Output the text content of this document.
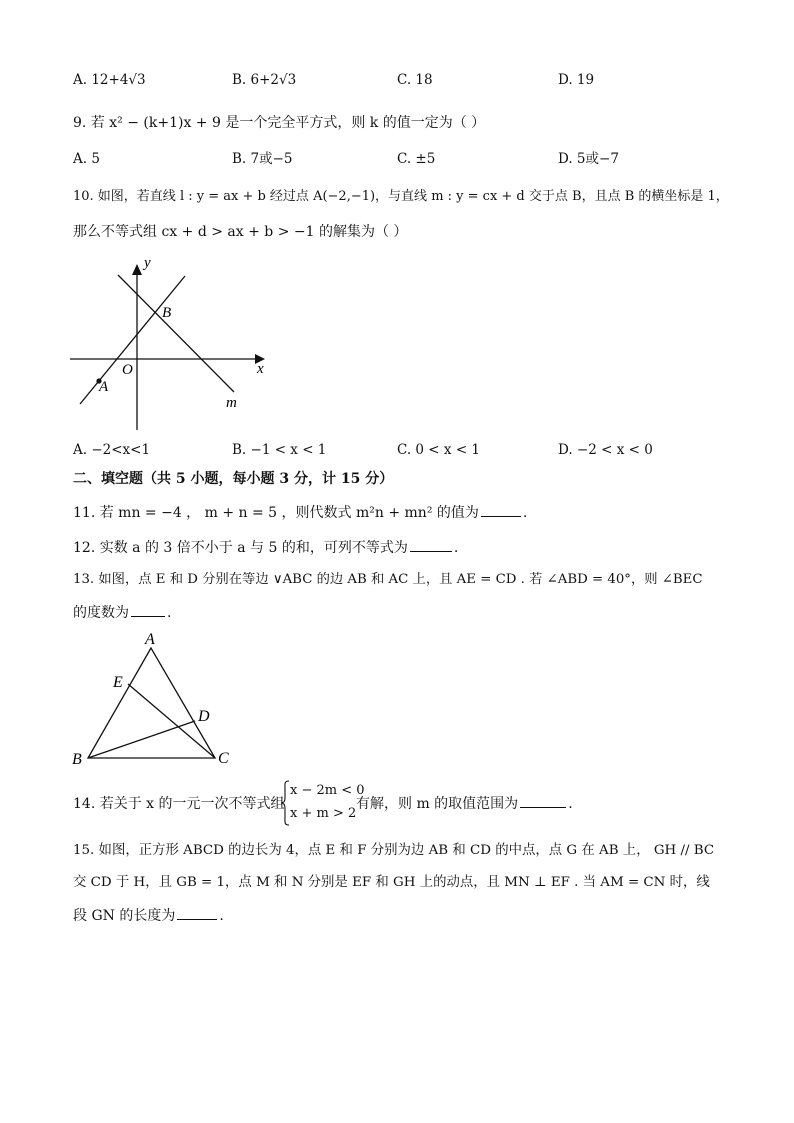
A. 12+4√3	B. 6+2√3	C. 18	D. 19
9. 若 x² − (k+1)x + 9 是一个完全平方式，则 k 的值一定为（ ）
A. 5	B. 7或−5	C. ±5	D. 5或−7
10. 如图，若直线 l : y = ax + b 经过点 A(−2,−1)，与直线 m : y = cx + d 交于点 B，且点 B 的横坐标是 1，
那么不等式组 cx + d > ax + b > −1 的解集为（ ）
y
x
O
A
B
m
A. −2<x<1	B. −1 < x < 1	C. 0 < x < 1	D. −2 < x < 0
二、填空题（共 5 小题，每小题 3 分，计 15 分）
11. 若 mn = −4 ， m + n = 5 ，则代数式 m²n + mn² 的值为	.
12. 实数 a 的 3 倍不小于 a 与 5 的和，可列不等式为	.
13. 如图，点 E 和 D 分别在等边 ∨ABC 的边 AB 和 AC 上，且 AE = CD . 若 ∠ABD = 40°，则 ∠BEC
的度数为	.
A
E
D
B	C
14. 若关于 x 的一元一次不等式组
x − 2m < 0
x + m > 2
有解，则 m 的取值范围为	.
15. 如图，正方形 ABCD 的边长为 4，点 E 和 F 分别为边 AB 和 CD 的中点，点 G 在 AB 上， GH // BC
交 CD 于 H，且 GB = 1，点 M 和 N 分别是 EF 和 GH 上的动点，且 MN ⊥ EF . 当 AM = CN 时，线
段 GN 的长度为	.
